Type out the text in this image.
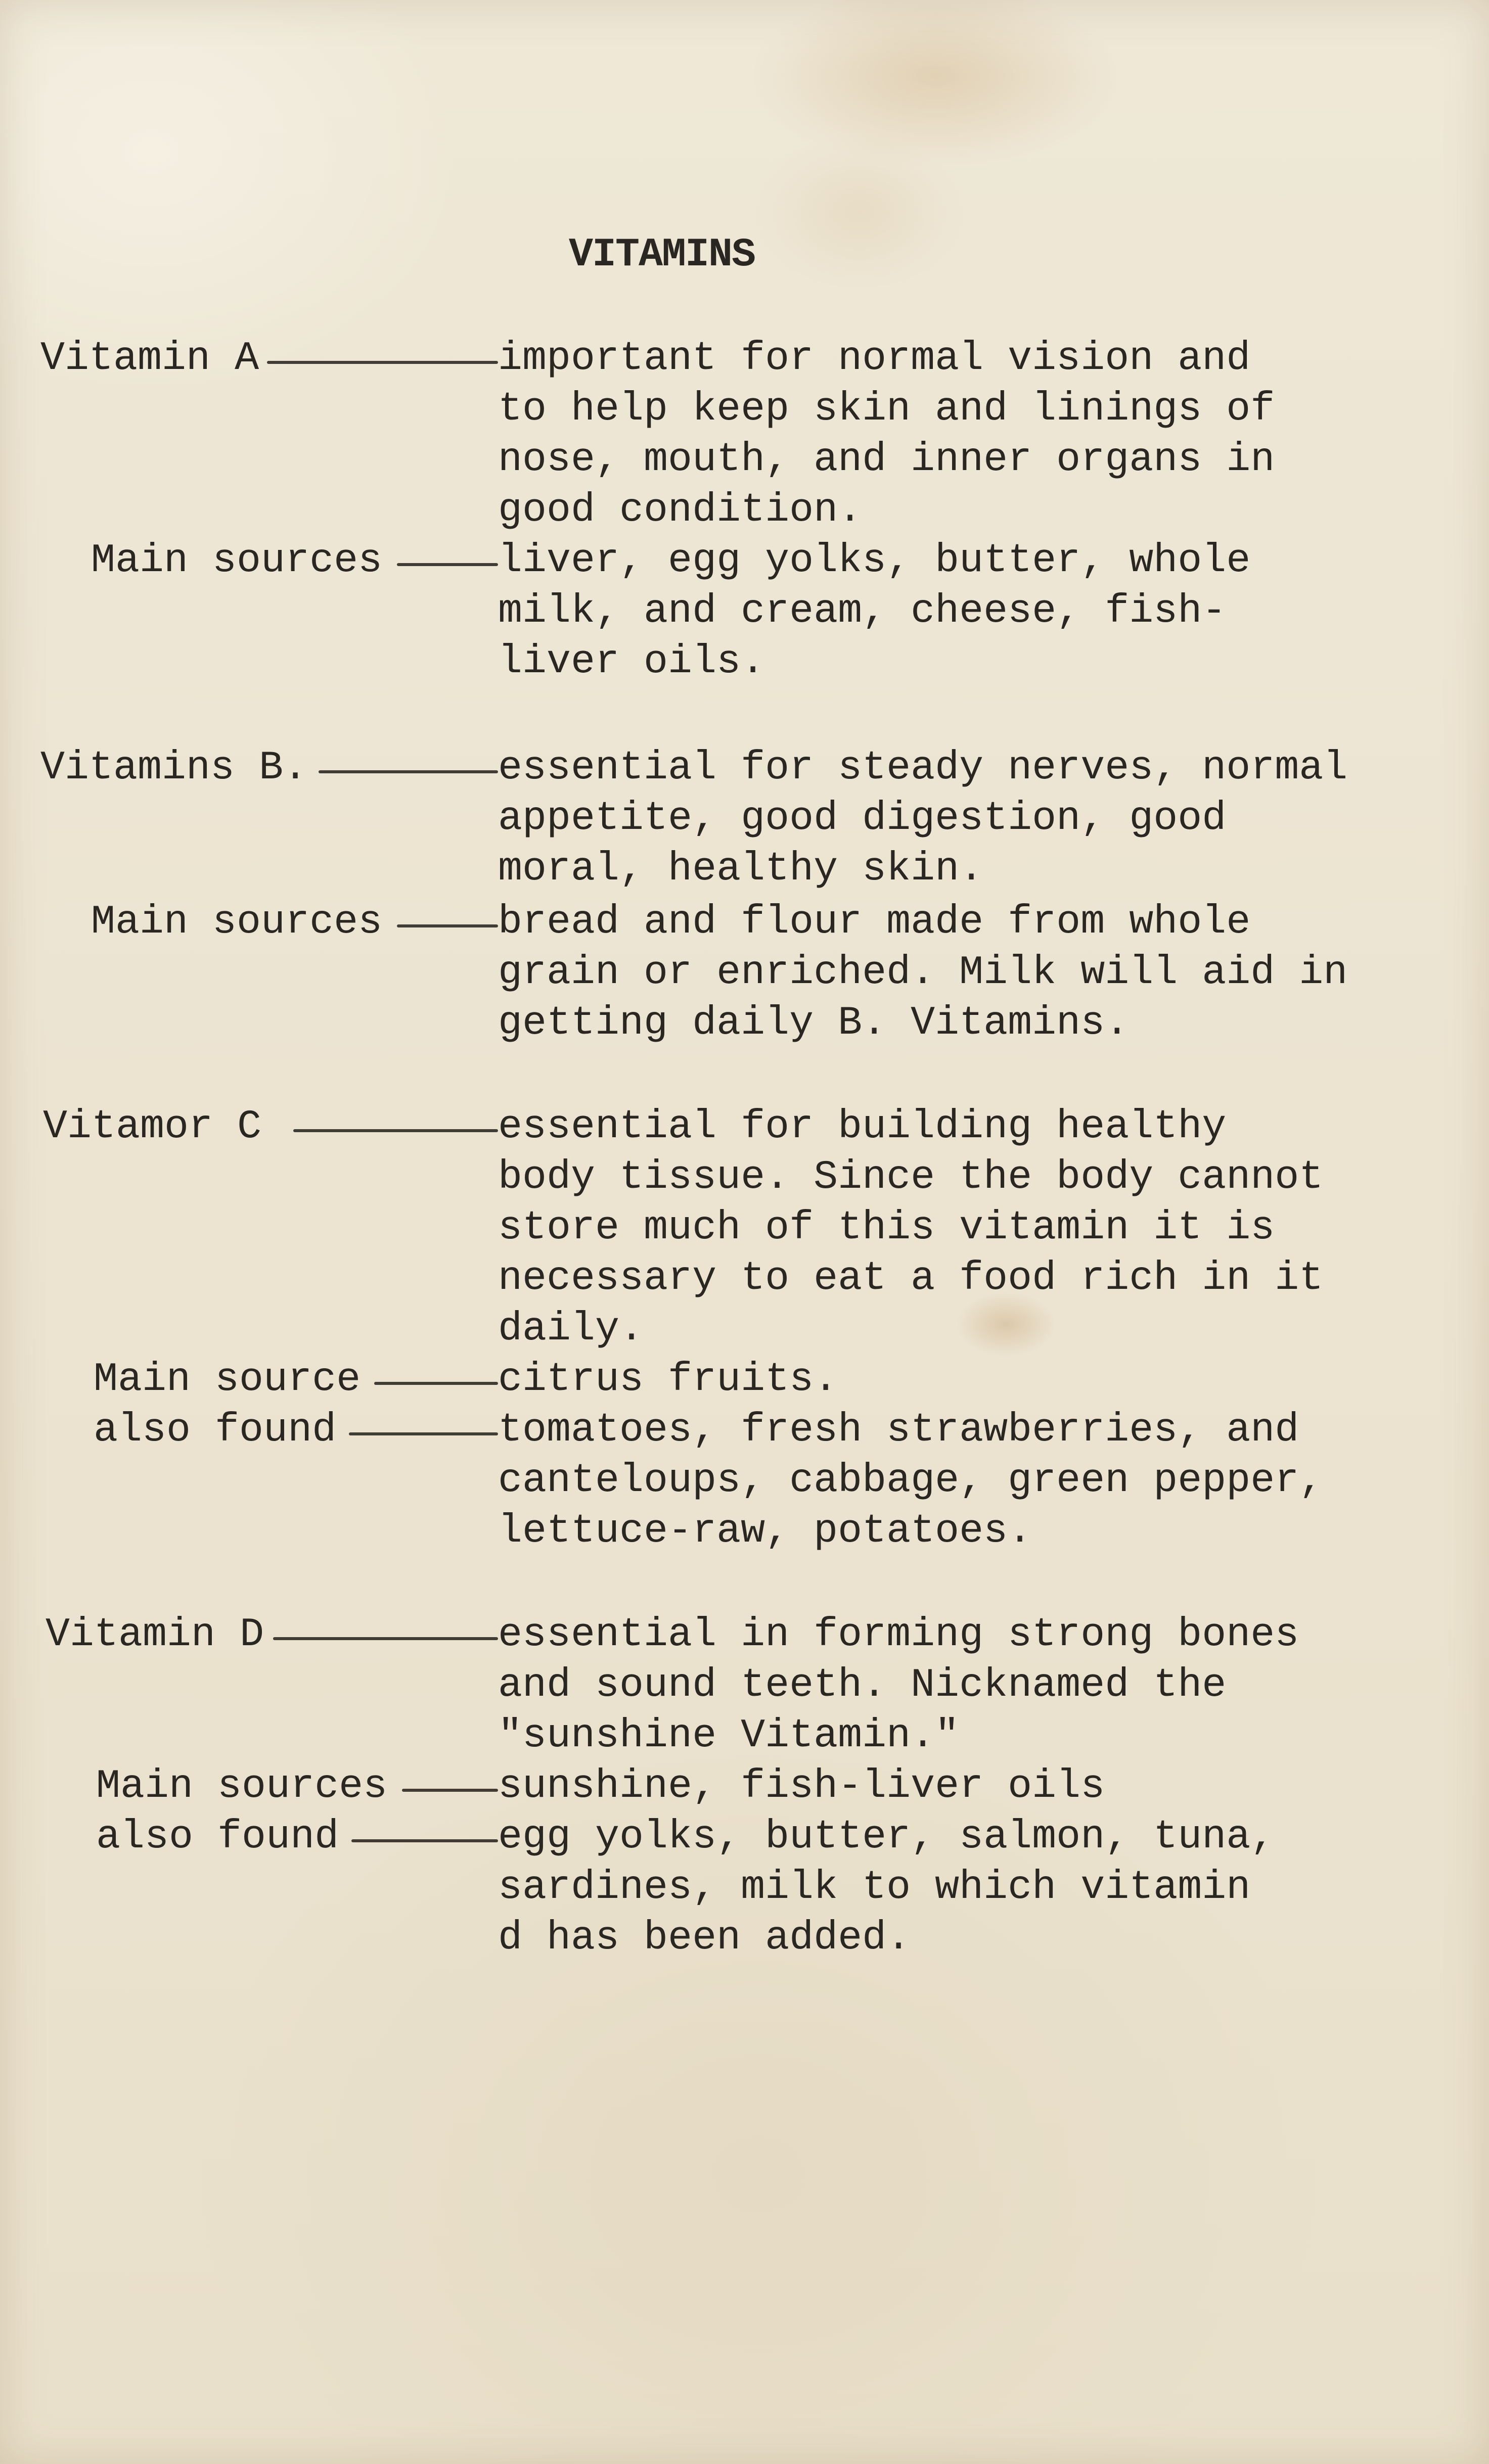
VITAMINS

Vitamin A	important for normal vision and
to help keep skin and linings of
nose, mouth, and inner organs in
good condition.

Main sources	liver, egg yolks, butter, whole
milk, and cream, cheese, fish-
liver oils.

Vitamins B.	essential for steady nerves, normal
appetite, good digestion, good
moral, healthy skin.

Main sources	bread and flour made from whole
grain or enriched. Milk will aid in
getting daily B. Vitamins.

Vitamor C	essential for building healthy
body tissue. Since the body cannot
store much of this vitamin it is
necessary to eat a food rich in it
daily.

Main source	citrus fruits.

also found	tomatoes, fresh strawberries, and
canteloups, cabbage, green pepper,
lettuce-raw, potatoes.

Vitamin D	essential in forming strong bones
and sound teeth. Nicknamed the
"sunshine Vitamin."

Main sources	sunshine, fish-liver oils

also found	egg yolks, butter, salmon, tuna,
sardines, milk to which vitamin
d has been added.
